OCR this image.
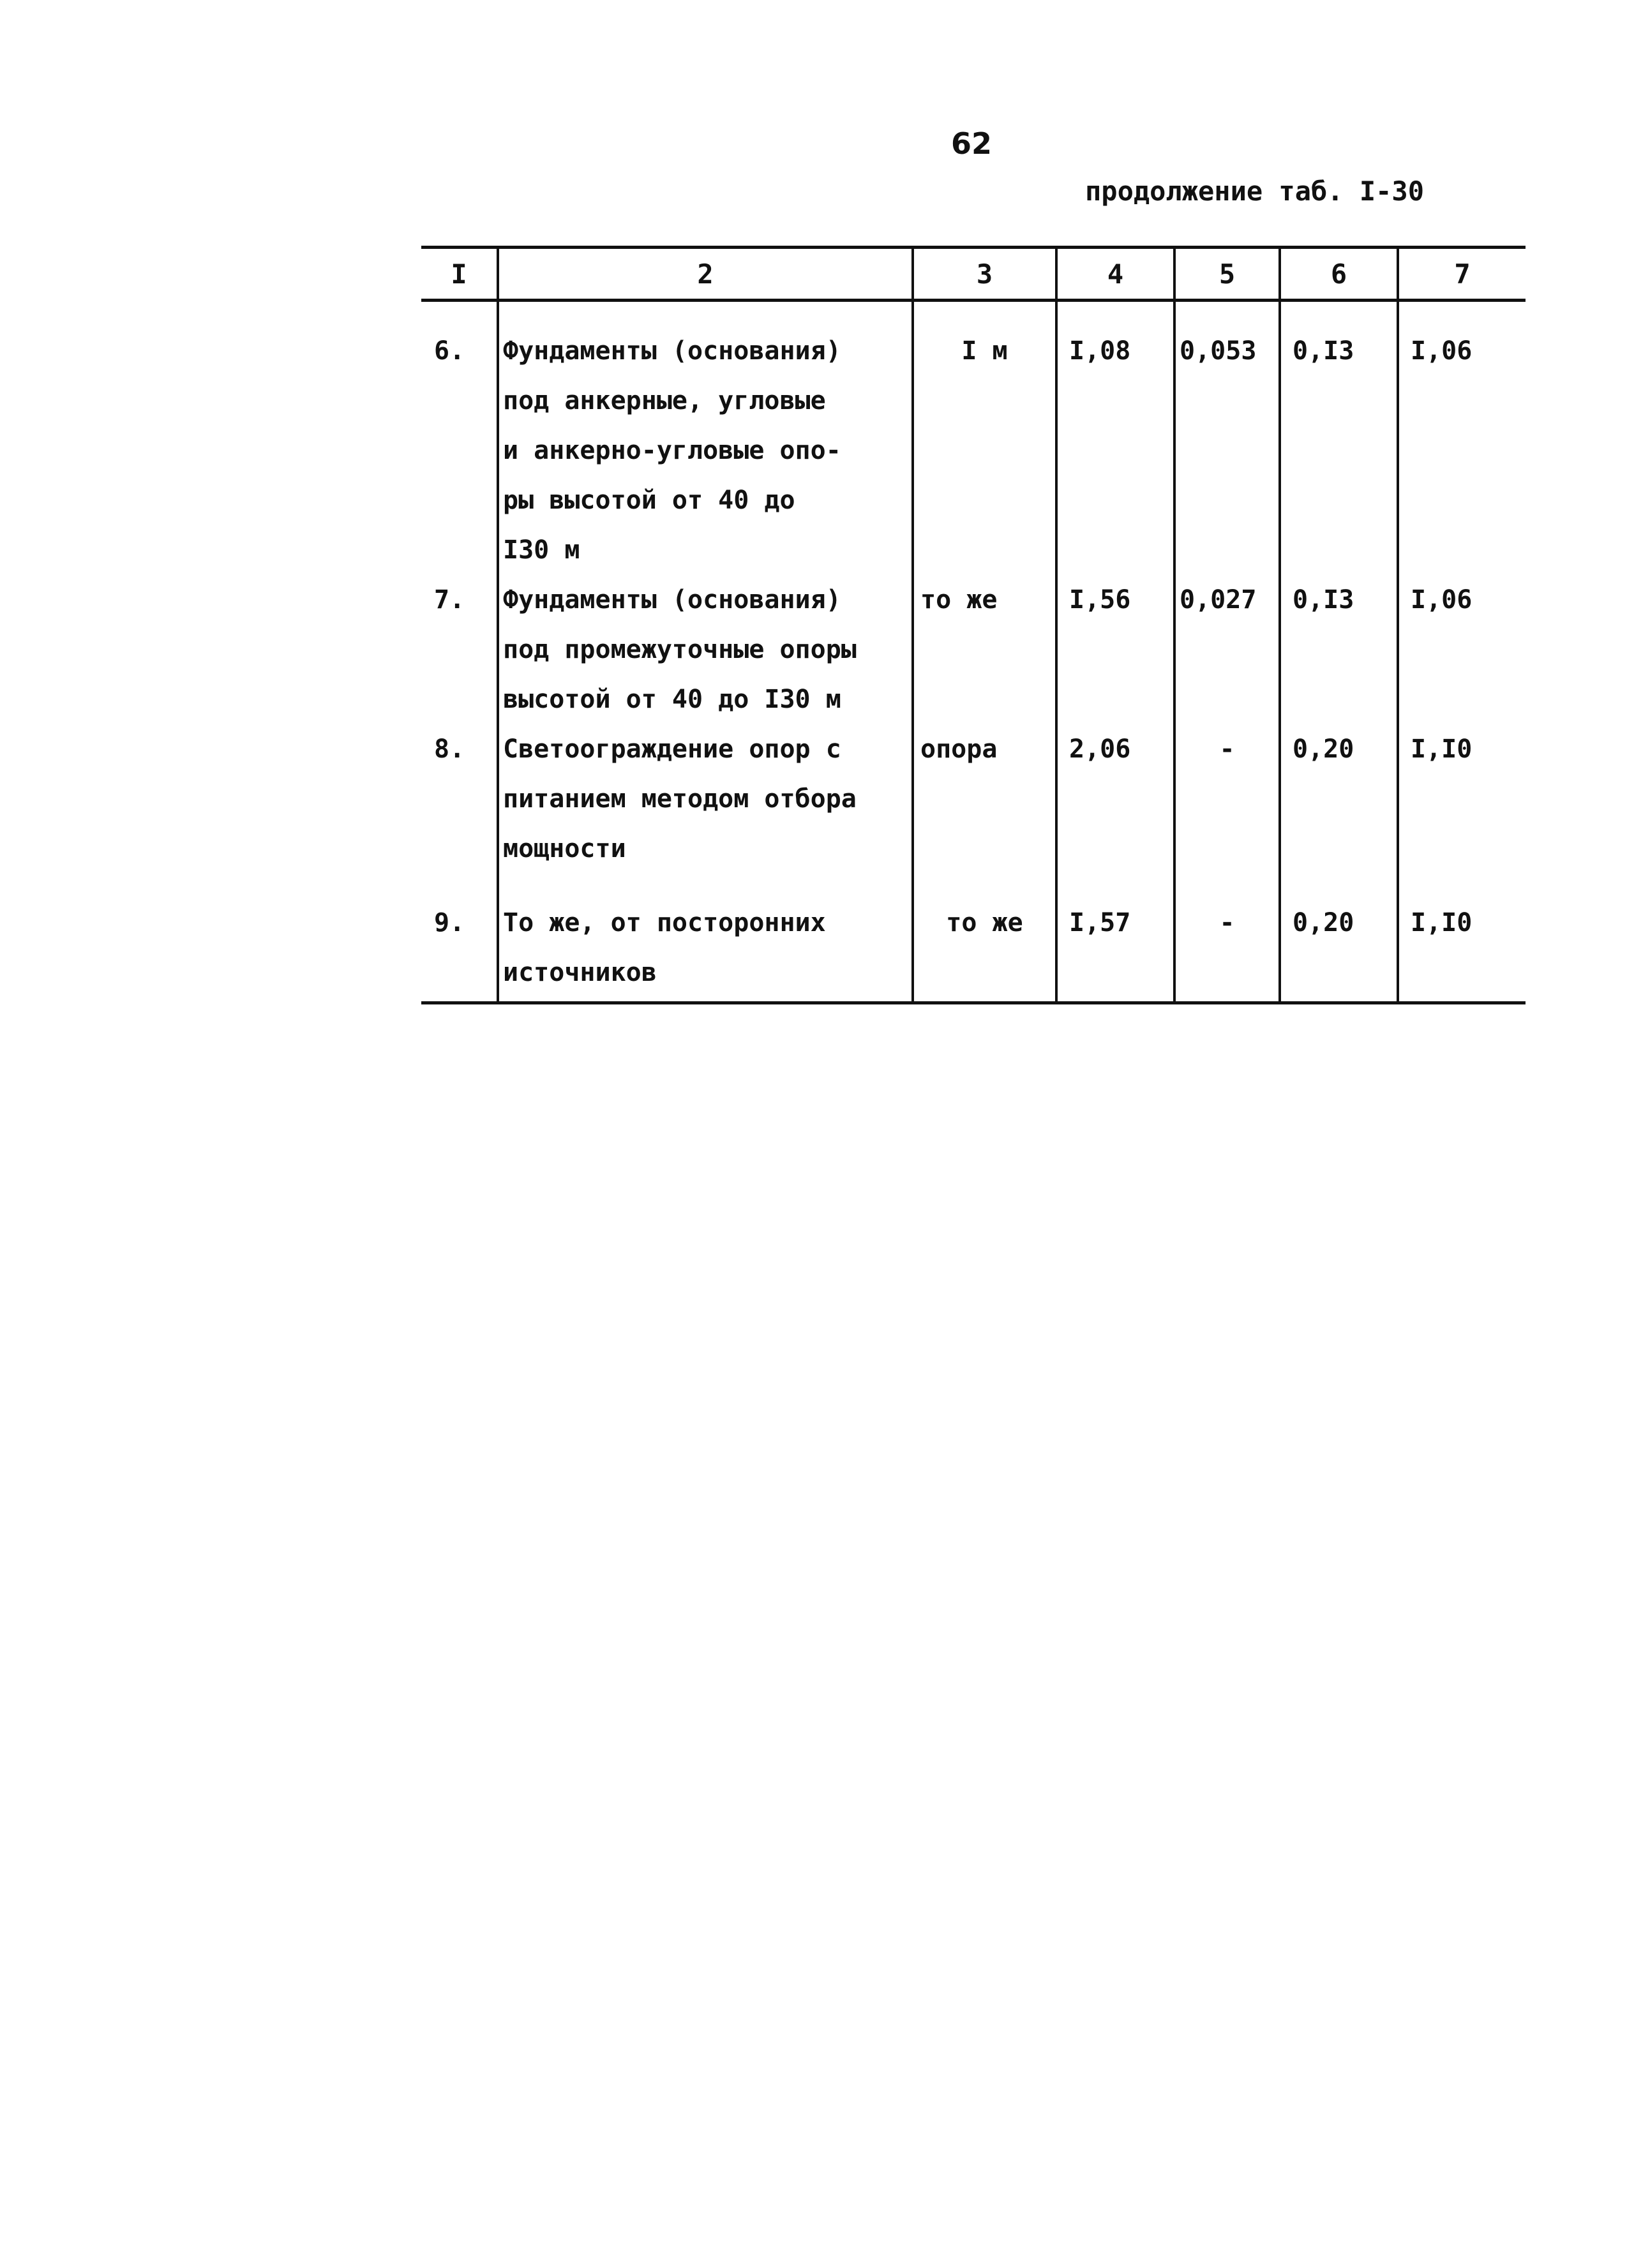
62
продолжение таб. I-30
I	2	3	4	5	6	7
6.	Фундаменты (основания)
под анкерные, угловые
и анкерно-угловые опо-
ры высотой от 40 до
I30 м	I м	I,08	0,053	0,I3	I,06
7.	Фундаменты (основания)
под промежуточные опоры
высотой от 40 до I30 м	то же	I,56	0,027	0,I3	I,06
8.	Светоограждение опор с
питанием методом отбора
мощности	опора	2,06	-	0,20	I,I0
9.	То же, от посторонних
источников	то же	I,57	-	0,20	I,I0
